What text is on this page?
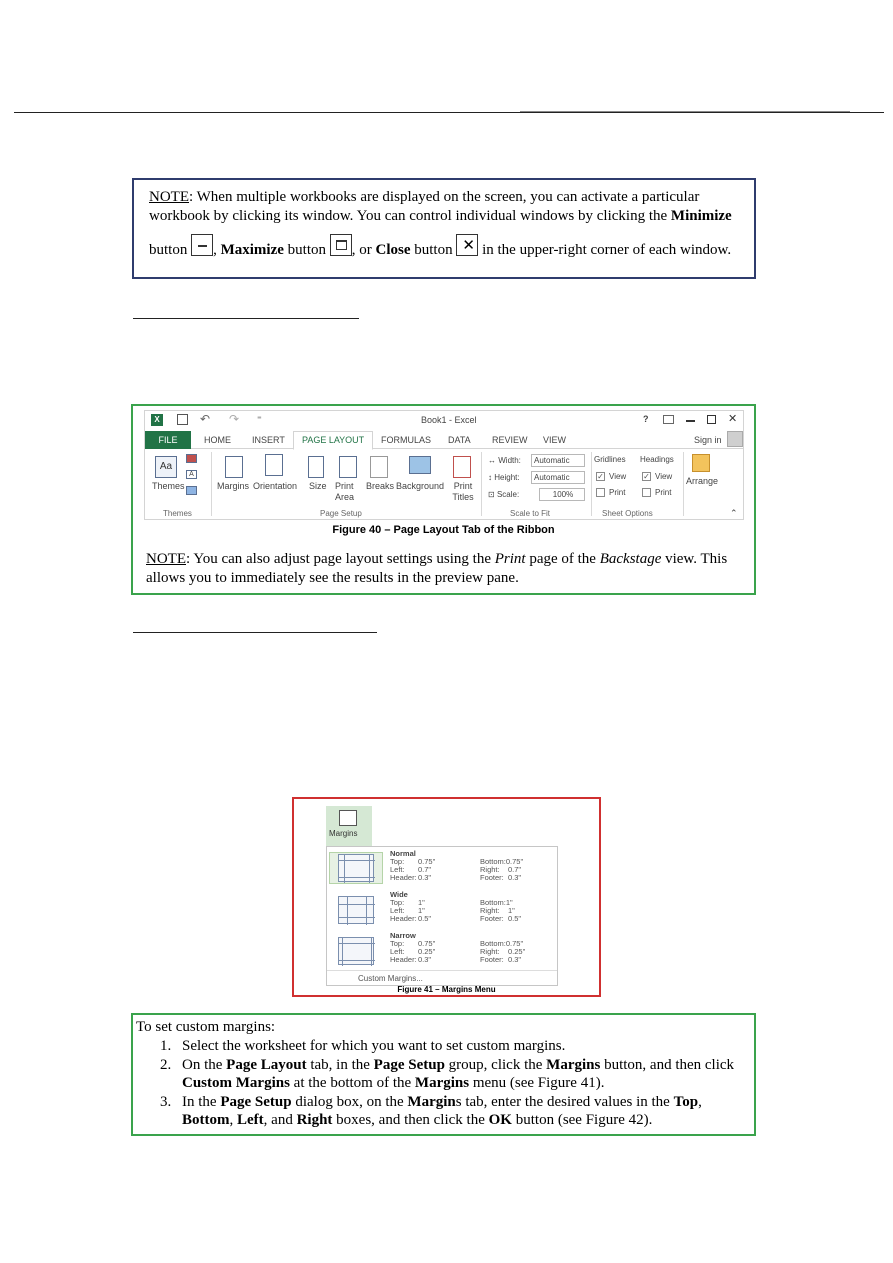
NOTE: When multiple workbooks are displayed on the screen, you can activate a particular workbook by clicking its window. You can control individual windows by clicking the Minimize
button , Maximize button , or Close button ✕ in the upper-right corner of each window.
X	↶ ↷ ⁼	Book1 - Excel	?	✕
FILE	HOME INSERT	PAGE LAYOUT	FORMULAS DATA REVIEW VIEW	Sign in
Aa
Themes
A
Themes
Margins Orientation Size Print Area
Breaks Background	Print Titles
Page Setup
↔ Width:	Automatic
↕ Height:	Automatic
⊡ Scale:	100%
Scale to Fit
Gridlines
✓ View
Print
Headings
✓ View
Print
Sheet Options
Arrange
⌃
Figure 40 – Page Layout Tab of the Ribbon
NOTE: You can also adjust page layout settings using the Print page of the Backstage view. This allows you to immediately see the results in the preview pane.
Margins
Normal
Top: 0.75"	Bottom:0.75"
Left: 0.7"	Right: 0.7"
Header:0.3"	Footer: 0.3"
Wide
Top: 1"	Bottom:1"
Left: 1"	Right: 1"
Header:0.5"	Footer: 0.5"
Narrow
Top: 0.75"	Bottom:0.75"
Left: 0.25"	Right: 0.25"
Header:0.3"	Footer: 0.3"
Custom Margins...
Figure 41 – Margins Menu
To set custom margins:
1. Select the worksheet for which you want to set custom margins.
2. On the Page Layout tab, in the Page Setup group, click the Margins button, and then click Custom Margins at the bottom of the Margins menu (see Figure 41).
3. In the Page Setup dialog box, on the Margins tab, enter the desired values in the Top, Bottom, Left, and Right boxes, and then click the OK button (see Figure 42).
